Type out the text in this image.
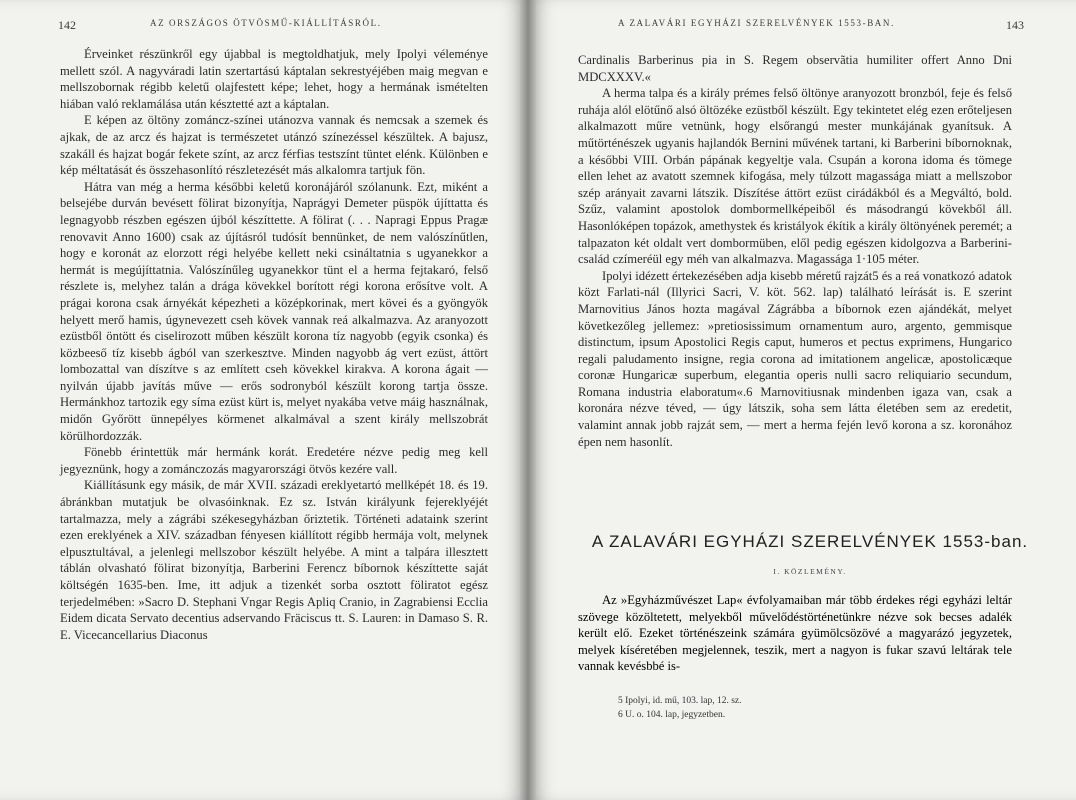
142	AZ ORSZÁGOS ÖTVÖSMŰ-KIÁLLÍTÁSRÓL.

Érveinket részünkről egy újabbal is megtoldhatjuk, mely Ipolyi véleménye mellett szól. A nagyváradi latin szertartású káptalan sekrestyéjében maig megvan e mellszobornak régibb keletű olajfestett képe; lehet, hogy a hermának ismételten hiában való reklamálása után késztetté azt a káptalan.

E képen az öltöny zománcz-színei utánozva vannak és nemcsak a szemek és ajkak, de az arcz és hajzat is természetet utánzó színezéssel készültek. A bajusz, szakáll és hajzat bogár fekete színt, az arcz férfias testszínt tüntet elénk. Különben e kép méltatását és összehasonlító részletezését más alkalomra tartjuk fön.

Hátra van még a herma későbbi keletű koronájáról szólanunk. Ezt, miként a belsejébe durván bevésett fölirat bizonyítja, Naprágyi Demeter püspök újíttatta és legnagyobb részben egészen újból készíttette. A fölirat (. . . Napragi Eppus Pragæ renovavit Anno 1600) csak az újításról tudósít bennünket, de nem valószínűtlen, hogy e koronát az elorzott régi helyébe kellett neki csináltatnia s ugyanekkor a hermát is megújíttatnia. Valószínűleg ugyanekkor tünt el a herma fejtakaró, felső részlete is, melyhez talán a drága kövekkel borított régi korona erősítve volt. A prágai korona csak árnyékát képezheti a középkorinak, mert kövei és a gyöngyök helyett merő hamis, úgynevezett cseh kövek vannak reá alkalmazva. Az aranyozott ezüstből öntött és ciselirozott műben készült korona tíz nagyobb (egyik csonka) és közbeeső tíz kisebb ágból van szerkesztve. Minden nagyobb ág vert ezüst, áttört lombozattal van díszítve s az említett cseh kövekkel kirakva. A korona ágait — nyilván újabb javítás műve — erős sodronyból készült korong tartja össze. Hermánkhoz tartozik egy síma ezüst kürt is, melyet nyakába vetve máig használnak, midőn Győrött ünnepélyes körmenet alkalmával a szent király mellszobrát körülhordozzák.

Fönebb érintettük már hermánk korát. Eredetére nézve pedig meg kell jegyeznünk, hogy a zománczozás magyarországi ötvös kezére vall.

Kiállításunk egy másik, de már XVII. századi ereklyetartó mellképét 18. és 19. ábránkban mutatjuk be olvasóinknak. Ez sz. István királyunk fejereklyéjét tartalmazza, mely a zágrábi székesegyházban őriztetik. Történeti adataink szerint ezen ereklyének a XIV. században fényesen kiállított régibb hermája volt, melynek elpusztultával, a jelenlegi mellszobor készült helyébe. A mint a talpára illesztett táblán olvasható fölirat bizonyítja, Barberini Ferencz bíbornok készíttette saját költségén 1635-ben. Ime, itt adjuk a tizenkét sorba osztott föliratot egész terjedelmében: »Sacro D. Stephani Vngar Regis Apliq Cranio, in Zagrabiensi Ecclia Eidem dicata Servato decentius adservando Fräciscus tt. S. Lauren: in Damaso S. R. E. Vicecancellarius Diaconus

A ZALAVÁRI EGYHÁZI SZERELVÉNYEK 1553-BAN.	143

Cardinalis Barberinus pia in S. Regem observãtia humiliter offert Anno Dni MDCXXXV.«

A herma talpa és a király prémes felső öltönye aranyozott bronzból, feje és felső ruhája alól elötűnő alsó öltözéke ezüstből készült. Egy tekintetet elég ezen erőteljesen alkalmazott műre vetnünk, hogy elsőrangú mester munkájának gyanítsuk. A műtörténészek ugyanis hajlandók Bernini művének tartani, ki Barberini bíbornoknak, a későbbi VIII. Orbán pápának kegyeltje vala. Csupán a korona idoma és tömege ellen lehet az avatott szemnek kifogása, mely túlzott magassága miatt a mellszobor szép arányait zavarni látszik. Díszítése áttört ezüst cirádákból és a Megváltó, bold. Szűz, valamint apostolok dombormellképeiből és másodrangú kövekből áll. Hasonlóképen topázok, amethystek és kristályok ékítik a király öltönyének peremét; a talpazaton két oldalt vert dombormüben, elől pedig egészen kidolgozva a Barberini-család czímeréül egy méh van alkalmazva. Magassága 1·105 méter.

Ipolyi idézett értekezésében adja kisebb méretű rajzát5 és a reá vonatkozó adatok közt Farlati-nál (Illyrici Sacri, V. köt. 562. lap) található leírását is. E szerint Marnovitius János hozta magával Zágrábba a bíbornok ezen ajándékát, melyet következőleg jellemez: »pretiosissimum ornamentum auro, argento, gemmisque distinctum, ipsum Apostolici Regis caput, humeros et pectus exprimens, Hungarico regali paludamento insigne, regia corona ad imitationem angelicæ, apostolicæque coronæ Hungaricæ superbum, elegantia operis nulli sacro reliquiario secundum, Romana industria elaboratum«.6 Marnovitiusnak mindenben igaza van, csak a koronára nézve téved, — úgy látszik, soha sem látta életében sem az eredetit, valamint annak jobb rajzát sem, — mert a herma fején levő korona a sz. koronához épen nem hasonlít.

A ZALAVÁRI EGYHÁZI SZERELVÉNYEK 1553-ban.
I. KÖZLEMÉNY.

Az »Egyházművészet Lap« évfolyamaiban már több érdekes régi egyházi leltár szövege közöltetett, melyekből művelődéstörténetünkre nézve sok becses adalék került elő. Ezeket történészeink számára gyümölcsözövé a magyarázó jegyzetek, melyek kíséretében megjelennek, teszik, mert a nagyon is fukar szavú leltárak tele vannak kevésbbé is-

5 Ipolyi, id. mű, 103. lap, 12. sz.
6 U. o. 104. lap, jegyzetben.
